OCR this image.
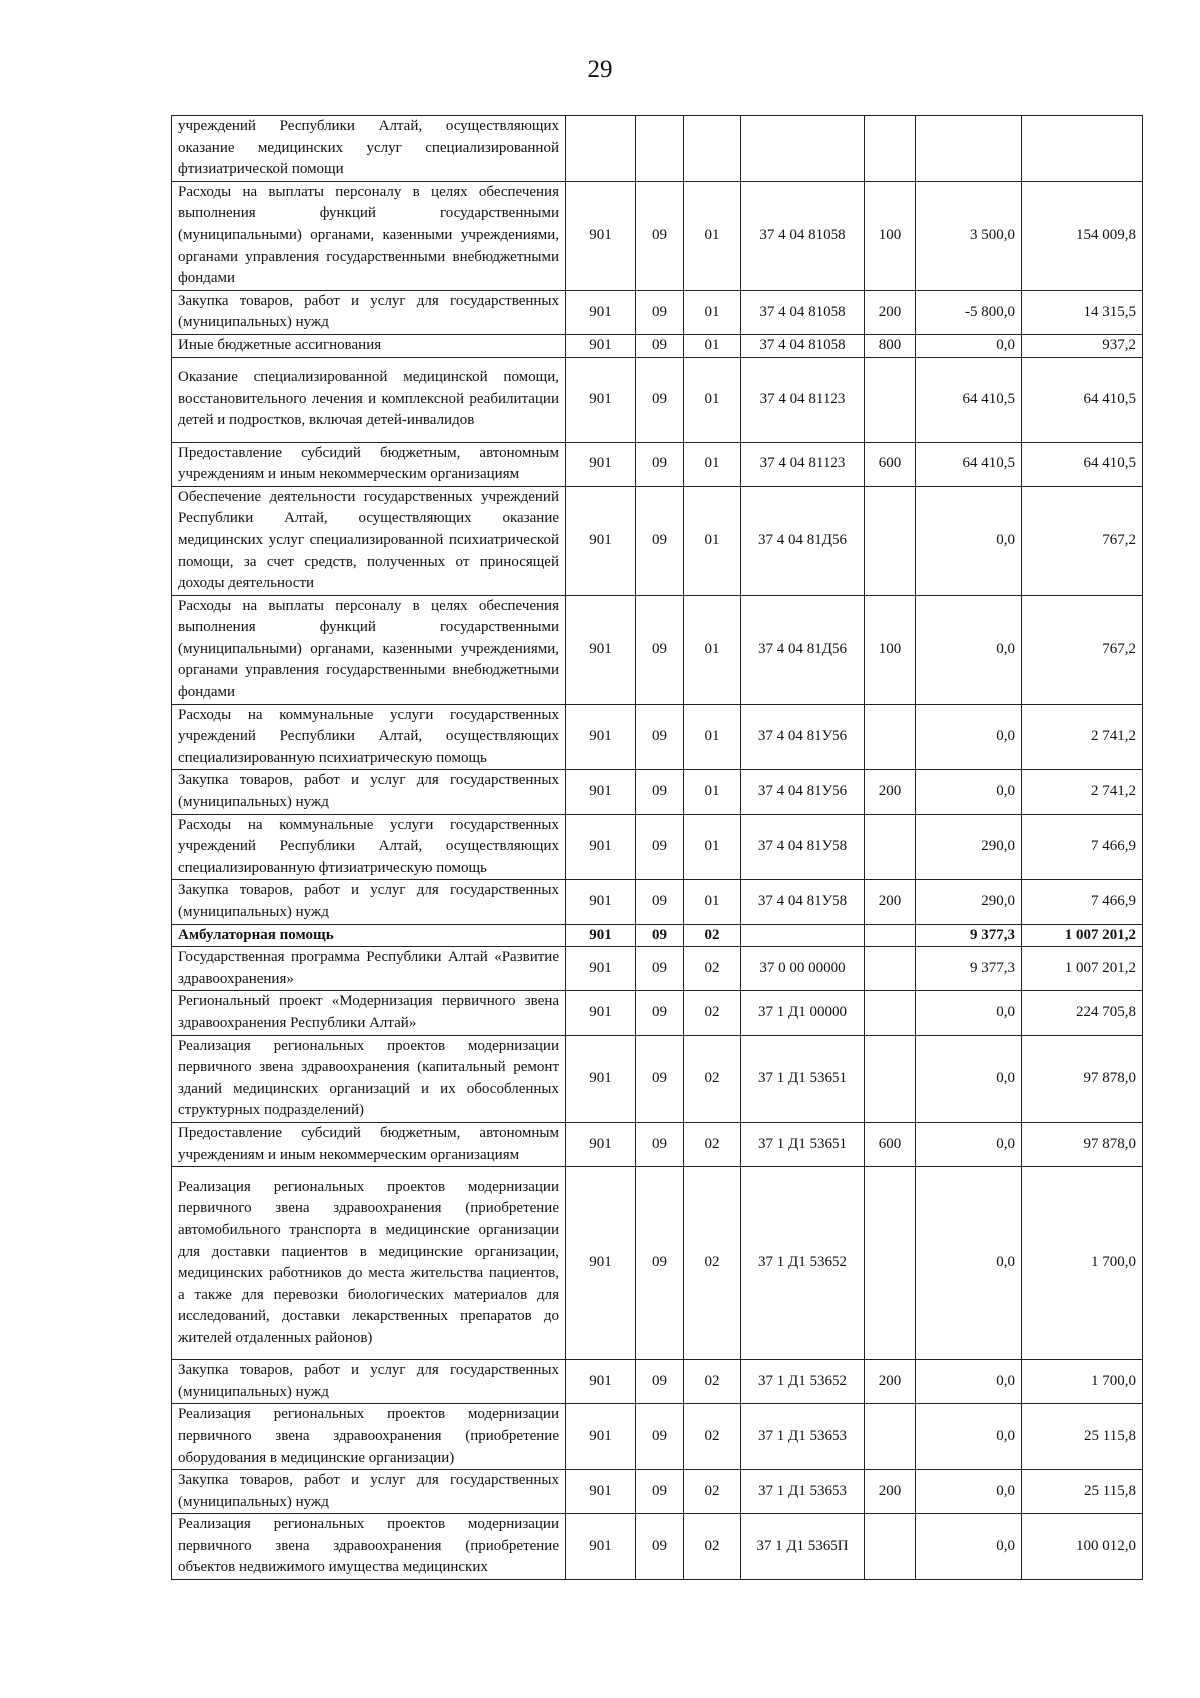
29
учреждений Республики Алтай, осуществляющих оказание медицинских услуг специализированной фтизиатрической помощи							
Расходы на выплаты персоналу в целях обеспечения выполнения функций государственными (муниципальными) органами, казенными учреждениями, органами управления государственными внебюджетными фондами	901	09	01	37 4 04 81058	100	3 500,0	154 009,8
Закупка товаров, работ и услуг для государственных (муниципальных) нужд	901	09	01	37 4 04 81058	200	-5 800,0	14 315,5
Иные бюджетные ассигнования	901	09	01	37 4 04 81058	800	0,0	937,2
Оказание специализированной медицинской помощи, восстановительного лечения и комплексной реабилитации детей и подростков, включая детей-инвалидов	901	09	01	37 4 04 81123		64 410,5	64 410,5
Предоставление субсидий бюджетным, автономным учреждениям и иным некоммерческим организациям	901	09	01	37 4 04 81123	600	64 410,5	64 410,5
Обеспечение деятельности государственных учреждений Республики Алтай, осуществляющих оказание медицинских услуг специализированной психиатрической помощи, за счет средств, полученных от приносящей доходы деятельности	901	09	01	37 4 04 81Д56		0,0	767,2
Расходы на выплаты персоналу в целях обеспечения выполнения функций государственными (муниципальными) органами, казенными учреждениями, органами управления государственными внебюджетными фондами	901	09	01	37 4 04 81Д56	100	0,0	767,2
Расходы на коммунальные услуги государственных учреждений Республики Алтай, осуществляющих специализированную психиатрическую помощь	901	09	01	37 4 04 81У56		0,0	2 741,2
Закупка товаров, работ и услуг для государственных (муниципальных) нужд	901	09	01	37 4 04 81У56	200	0,0	2 741,2
Расходы на коммунальные услуги государственных учреждений Республики Алтай, осуществляющих специализированную фтизиатрическую помощь	901	09	01	37 4 04 81У58		290,0	7 466,9
Закупка товаров, работ и услуг для государственных (муниципальных) нужд	901	09	01	37 4 04 81У58	200	290,0	7 466,9
Амбулаторная помощь	901	09	02			9 377,3	1 007 201,2
Государственная программа Республики Алтай «Развитие здравоохранения»	901	09	02	37 0 00 00000		9 377,3	1 007 201,2
Региональный проект «Модернизация первичного звена здравоохранения Республики Алтай»	901	09	02	37 1 Д1 00000		0,0	224 705,8
Реализация региональных проектов модернизации первичного звена здравоохранения (капитальный ремонт зданий медицинских организаций и их обособленных структурных подразделений)	901	09	02	37 1 Д1 53651		0,0	97 878,0
Предоставление субсидий бюджетным, автономным учреждениям и иным некоммерческим организациям	901	09	02	37 1 Д1 53651	600	0,0	97 878,0
Реализация региональных проектов модернизации первичного звена здравоохранения (приобретение автомобильного транспорта в медицинские организации для доставки пациентов в медицинские организации, медицинских работников до места жительства пациентов, а также для перевозки биологических материалов для исследований, доставки лекарственных препаратов до жителей отдаленных районов)	901	09	02	37 1 Д1 53652		0,0	1 700,0
Закупка товаров, работ и услуг для государственных (муниципальных) нужд	901	09	02	37 1 Д1 53652	200	0,0	1 700,0
Реализация региональных проектов модернизации первичного звена здравоохранения (приобретение оборудования в медицинские организации)	901	09	02	37 1 Д1 53653		0,0	25 115,8
Закупка товаров, работ и услуг для государственных (муниципальных) нужд	901	09	02	37 1 Д1 53653	200	0,0	25 115,8
Реализация региональных проектов модернизации первичного звена здравоохранения (приобретение объектов недвижимого имущества медицинских	901	09	02	37 1 Д1 5365П		0,0	100 012,0
